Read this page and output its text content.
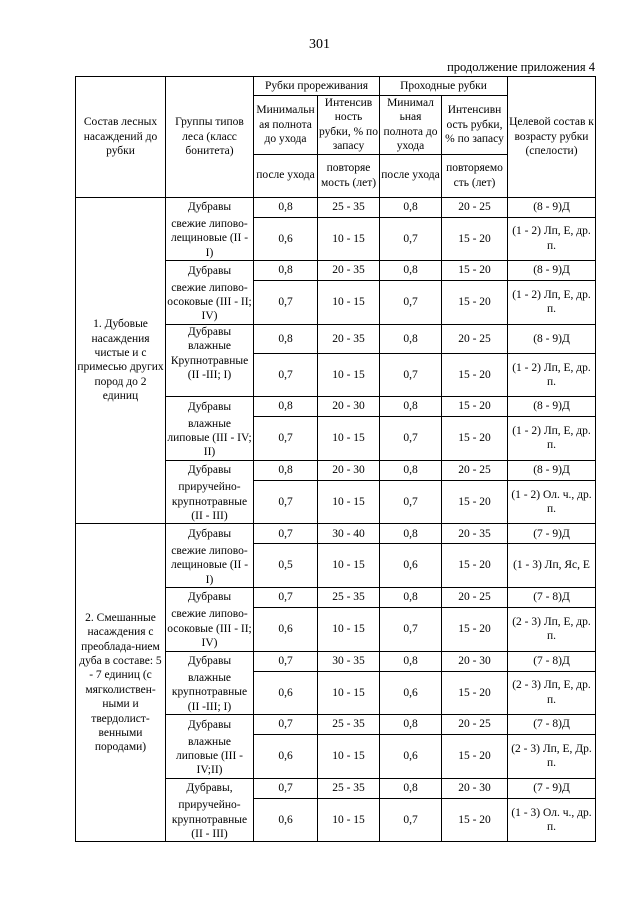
301
продолжение приложения 4
Состав лесных насаждений до рубки	Группы типов леса (класс бонитета)	Рубки прореживания		Проходные рубки		Целевой состав к возрасту рубки (спелости)
		Минимальн ая полнота до ухода	Интенсив ность рубки, % по запасу	Минимал ьная полнота до ухода	Интенсивн ость рубки, % по запасу	
		после ухода	повторяе мость (лет)	после ухода	повторяемо сть (лет)	
1. Дубовые насаждения чистые и с примесью других пород до 2 единиц	Дубравы	0,8	25 - 35	0,8	20 - 25	(8 - 9)Д
	свежие липово-лещиновые (II - I)	0,6	10 - 15	0,7	15 - 20	(1 - 2) Лп, Е, др. п.
	Дубравы	0,8	20 - 35	0,8	15 - 20	(8 - 9)Д
	свежие липово-осоковые (III - II; IV)	0,7	10 - 15	0,7	15 - 20	(1 - 2) Лп, Е, др. п.
	Дубравы влажные	0,8	20 - 35	0,8	20 - 25	(8 - 9)Д
	Крупнотравные (II -III; I)	0,7	10 - 15	0,7	15 - 20	(1 - 2) Лп, Е, др. п.
	Дубравы	0,8	20 - 30	0,8	15 - 20	(8 - 9)Д
	влажные липовые (III - IV; II)	0,7	10 - 15	0,7	15 - 20	(1 - 2) Лп, Е, др. п.
	Дубравы	0,8	20 - 30	0,8	20 - 25	(8 - 9)Д
	приручейно-крупнотравные (II - III)	0,7	10 - 15	0,7	15 - 20	(1 - 2) Ол. ч., др. п.
2. Смешанные насаждения с преоблада-нием дуба в составе: 5 - 7 единиц (с мягколиствен-ными и твердолист-венными породами)	Дубравы	0,7	30 - 40	0,8	20 - 35	(7 - 9)Д
	свежие липово-лещиновые (II - I)	0,5	10 - 15	0,6	15 - 20	(1 - 3) Лп, Яс, Е
	Дубравы	0,7	25 - 35	0,8	20 - 25	(7 - 8)Д
	свежие липово-осоковые (III - II; IV)	0,6	10 - 15	0,7	15 - 20	(2 - 3) Лп, Е, др. п.
	Дубравы	0,7	30 - 35	0,8	20 - 30	(7 - 8)Д
	влажные крупнотравные (II -III; I)	0,6	10 - 15	0,6	15 - 20	(2 - 3) Лп, Е, др. п.
	Дубравы	0,7	25 - 35	0,8	20 - 25	(7 - 8)Д
	влажные липовые (III - IV;II)	0,6	10 - 15	0,6	15 - 20	(2 - 3) Лп, Е, Др. п.
	Дубравы,	0,7	25 - 35	0,8	20 - 30	(7 - 9)Д
	приручейно-крупнотравные (II - III)	0,6	10 - 15	0,7	15 - 20	(1 - 3) Ол. ч., др. п.
